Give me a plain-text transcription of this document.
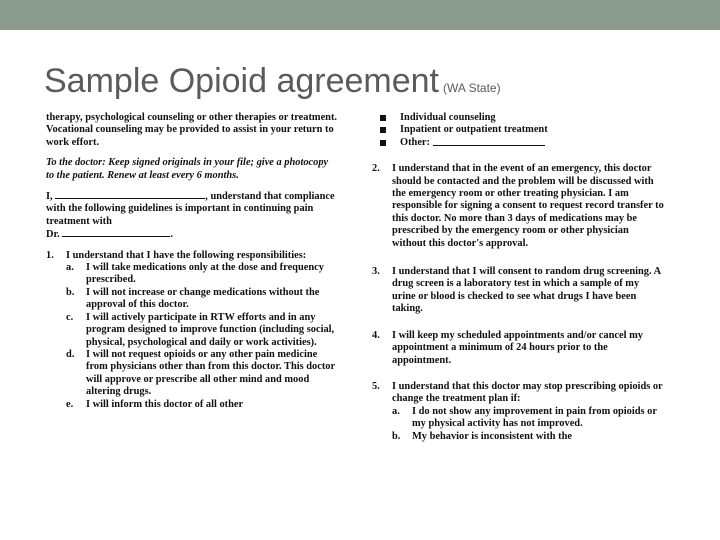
Sample Opioid agreement (WA State)

therapy, psychological counseling or other therapies or treatment. Vocational counseling may be provided to assist in your return to work effort.

To the doctor: Keep signed originals in your file; give a photocopy to the patient. Renew at least every 6 months.

I,	, understand that compliance with the following guidelines is important in continuing pain treatment with
Dr.	.

1.	I understand that I have the following responsibilities:
a.	I will take medications only at the dose and frequency prescribed.
b.	I will not increase or change medications without the approval of this doctor.
c.	I will actively participate in RTW efforts and in any program designed to improve function (including social, physical, psychological and daily or work activities).
d.	I will not request opioids or any other pain medicine from physicians other than from this doctor. This doctor will approve or prescribe all other mind and mood altering drugs.
e.	I will inform this doctor of all other
Individual counseling
Inpatient or outpatient treatment
Other:

2.	I understand that in the event of an emergency, this doctor should be contacted and the problem will be discussed with the emergency room or other treating physician. I am responsible for signing a consent to request record transfer to this doctor. No more than 3 days of medications may be prescribed by the emergency room or other physician without this doctor's approval.
3.	I understand that I will consent to random drug screening. A drug screen is a laboratory test in which a sample of my urine or blood is checked to see what drugs I have been taking.
4.	I will keep my scheduled appointments and/or cancel my appointment a minimum of 24 hours prior to the appointment.
5.	I understand that this doctor may stop prescribing opioids or change the treatment plan if:
a.	I do not show any improvement in pain from opioids or my physical activity has not improved.
b.	My behavior is inconsistent with the
